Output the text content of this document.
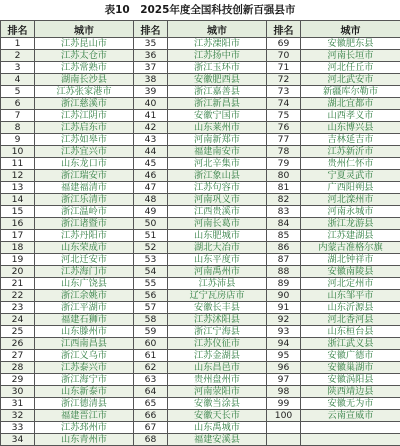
表10　2025年度全国科技创新百强县市
排名	城市	排名	城市	排名	城市
1	江苏昆山市	35	江苏溧阳市	69	安徽肥东县
2	江苏太仓市	36	江苏扬中市	70	河南长垣市
3	江苏常熟市	37	浙江玉环市	71	河北任丘市
4	湖南长沙县	38	安徽肥西县	72	河北武安市
5	江苏张家港市	39	浙江嘉善县	73	新疆库尔勒市
6	浙江慈溪市	40	浙江新昌县	74	湖北宜都市
7	江苏江阴市	41	安徽宁国市	75	山西孝义市
8	江苏启东市	42	山东莱州市	76	山东博兴县
9	江苏如皋市	43	河南新郑市	77	吉林延吉市
10	江苏宜兴市	44	福建南安市	78	江苏新沂市
11	山东龙口市	45	河北辛集市	79	贵州仁怀市
12	浙江瑞安市	46	浙江象山县	80	宁夏灵武市
13	福建福清市	47	江苏句容市	81	广西阳朔县
14	浙江乐清市	48	河南巩义市	82	河北滦州市
15	浙江温岭市	49	江西贵溪市	83	河南永城市
16	浙江诸暨市	50	河南长葛市	84	浙江龙游县
17	江苏丹阳市	51	山东肥城市	85	江苏建湖县
18	山东荣成市	52	湖北大冶市	86	内蒙古准格尔旗
19	河北迁安市	53	山东平度市	87	湖北钟祥市
20	江苏海门市	54	河南禹州市	88	安徽南陵县
21	山东广饶县	55	江苏沛县	89	河北定州市
22	浙江余姚市	56	辽宁瓦房店市	90	山东邹平市
23	浙江平湖市	57	安徽长丰县	91	山东沂源县
24	福建石狮市	58	江苏沭阳县	92	河北香河县
25	山东滕州市	59	浙江宁海县	93	山东桓台县
26	江西南昌县	60	江苏仪征市	94	浙江武义县
27	浙江义乌市	61	江苏金湖县	95	安徽广德市
28	江苏泰兴市	62	山东昌邑市	96	安徽巢湖市
29	浙江海宁市	63	贵州盘州市	97	安徽涡阳县
30	山东新泰市	64	河南荥阳市	98	陕西靖边县
31	浙江德清县	65	安徽当涂县	99	安徽无为市
32	福建晋江市	66	安徽天长市	100	云南宣威市
33	江苏邳州市	67	山东禹城市		
34	山东青州市	68	福建安溪县		
